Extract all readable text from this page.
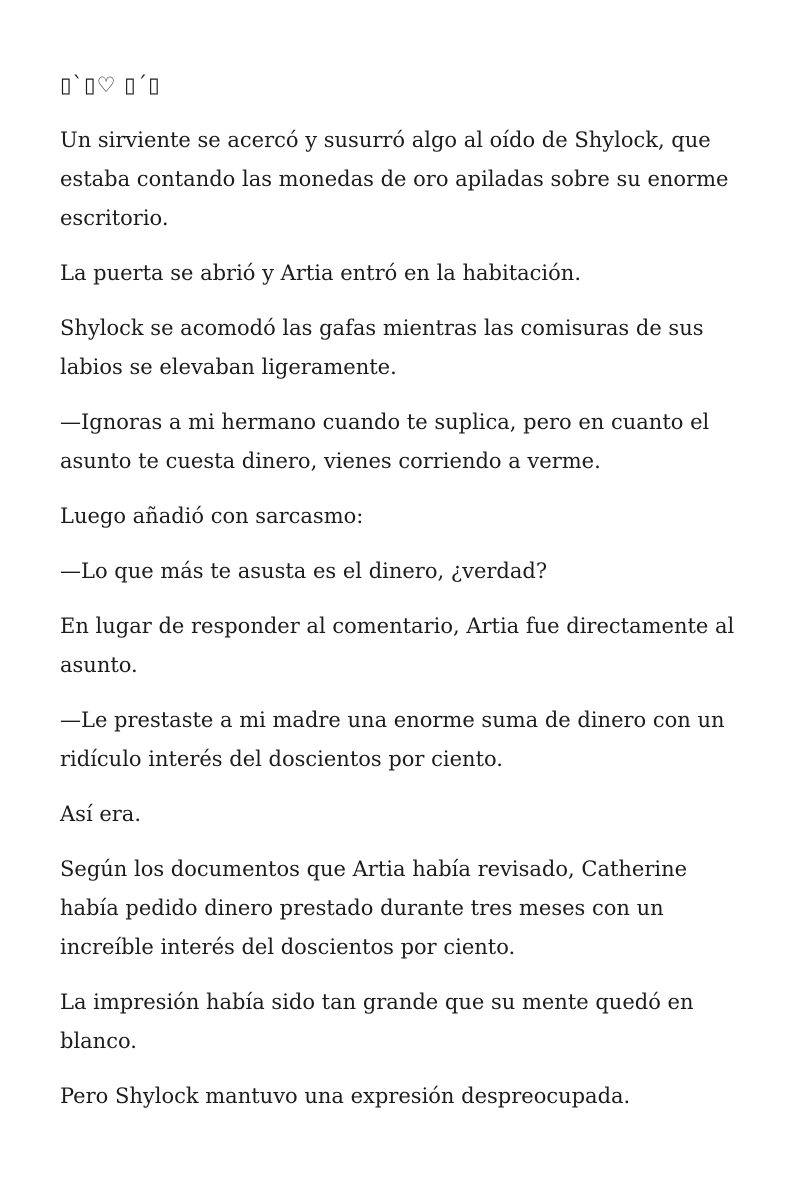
▯`▯♡ ▯´▯

Un sirviente se acercó y susurró algo al oído de Shylock, que estaba contando las monedas de oro apiladas sobre su enorme escritorio.

La puerta se abrió y Artia entró en la habitación.

Shylock se acomodó las gafas mientras las comisuras de sus labios se elevaban ligeramente.

—Ignoras a mi hermano cuando te suplica, pero en cuanto el asunto te cuesta dinero, vienes corriendo a verme.

Luego añadió con sarcasmo:

—Lo que más te asusta es el dinero, ¿verdad?

En lugar de responder al comentario, Artia fue directamente al asunto.

—Le prestaste a mi madre una enorme suma de dinero con un ridículo interés del doscientos por ciento.

Así era.

Según los documentos que Artia había revisado, Catherine había pedido dinero prestado durante tres meses con un increíble interés del doscientos por ciento.

La impresión había sido tan grande que su mente quedó en blanco.

Pero Shylock mantuvo una expresión despreocupada.
